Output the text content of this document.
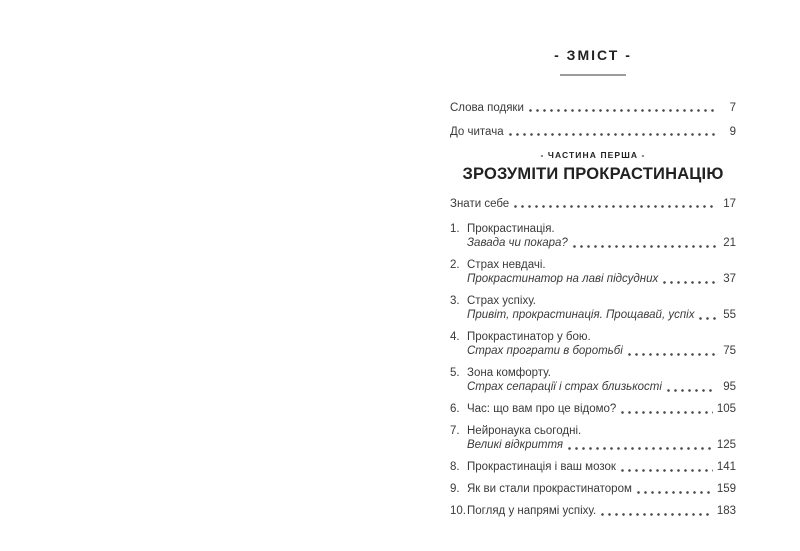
- ЗМІСТ -
Слова подяки	7
До читача	9
- ЧАСТИНА ПЕРША -
ЗРОЗУМІТИ ПРОКРАСТИНАЦІЮ
Знати себе	17
1. Прокрастинація.
Завада чи покара?	21
2. Страх невдачі.
Прокрастинатор на лаві підсудних	37
3. Страх успіху.
Привіт, прокрастинація. Прощавай, успіх 55
4. Прокрастинатор у бою.
Страх програти в боротьбі	75
5. Зона комфорту.
Страх сепарації і страх близькості	95
6. Час: що вам про це відомо?	105
7. Нейронаука сьогодні.
Великі відкриття	125
8. Прокрастинація і ваш мозок	141
9. Як ви стали прокрастинатором	159
10. Погляд у напрямі успіху.	183
